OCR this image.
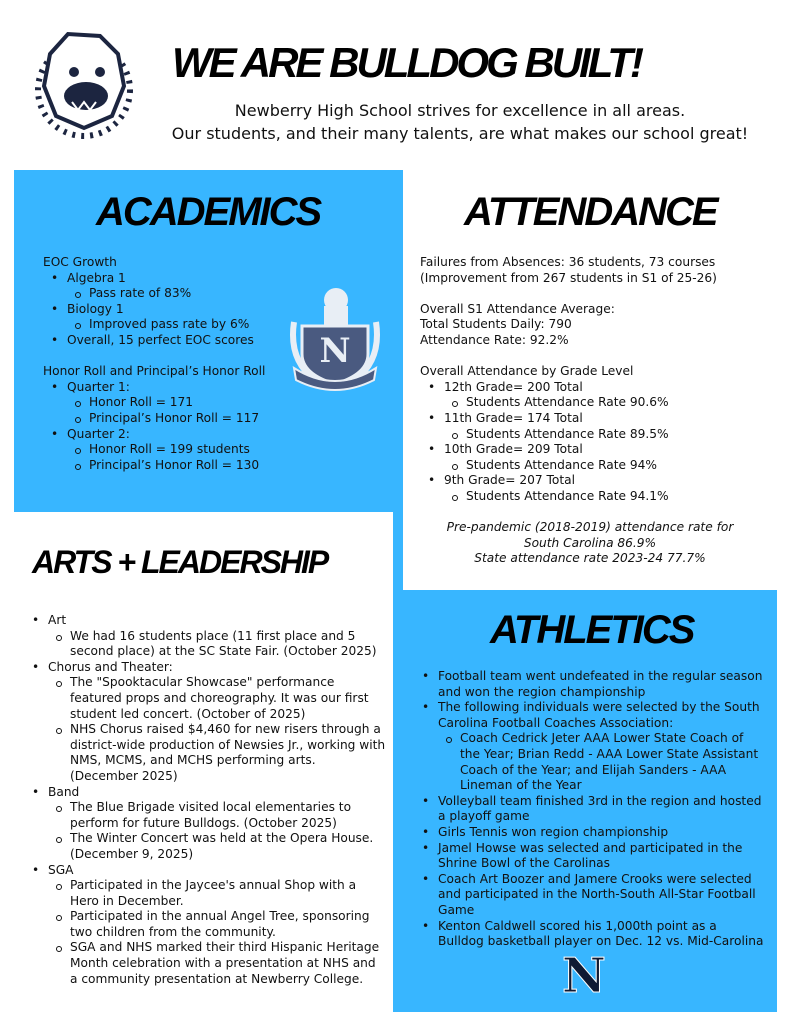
WE ARE BULLDOG BUILT!
Newberry High School strives for excellence in all areas.
Our students, and their many talents, are what makes our school great!
ACADEMICS
EOC Growth
• Algebra 1
Pass rate of 83%
• Biology 1
Improved pass rate by 6%
• Overall, 15 perfect EOC scores
Honor Roll and Principal’s Honor Roll
• Quarter 1:
Honor Roll = 171
Principal’s Honor Roll = 117
• Quarter 2:
Honor Roll = 199 students
Principal’s Honor Roll = 130
N
ATTENDANCE
Failures from Absences: 36 students, 73 courses
(Improvement from 267 students in S1 of 25-26)
Overall S1 Attendance Average:
Total Students Daily: 790
Attendance Rate: 92.2%
Overall Attendance by Grade Level
• 12th Grade= 200 Total
Students Attendance Rate 90.6%
• 11th Grade= 174 Total
Students Attendance Rate 89.5%
• 10th Grade= 209 Total
Students Attendance Rate 94%
• 9th Grade= 207 Total
Students Attendance Rate 94.1%
Pre-pandemic (2018-2019) attendance rate for
South Carolina 86.9%
State attendance rate 2023-24 77.7%
ARTS + LEADERSHIP
• Art
We had 16 students place (11 first place and 5 second place) at the SC State Fair. (October 2025)
• Chorus and Theater:
The "Spooktacular Showcase" performance featured props and choreography. It was our first student led concert. (October of 2025)
NHS Chorus raised $4,460 for new risers through a district-wide production of Newsies Jr., working with NMS, MCMS, and MCHS performing arts. (December 2025)
• Band
The Blue Brigade visited local elementaries to perform for future Bulldogs. (October 2025)
The Winter Concert was held at the Opera House. (December 9, 2025)
• SGA
Participated in the Jaycee's annual Shop with a Hero in December.
Participated in the annual Angel Tree, sponsoring two children from the community.
SGA and NHS marked their third Hispanic Heritage Month celebration with a presentation at NHS and a community presentation at Newberry College.
ATHLETICS
• Football team went undefeated in the regular season and won the region championship
• The following individuals were selected by the South Carolina Football Coaches Association:
Coach Cedrick Jeter AAA Lower State Coach of the Year; Brian Redd - AAA Lower State Assistant Coach of the Year; and Elijah Sanders - AAA Lineman of the Year
• Volleyball team finished 3rd in the region and hosted a playoff game
• Girls Tennis won region championship
• Jamel Howse was selected and participated in the Shrine Bowl of the Carolinas
• Coach Art Boozer and Jamere Crooks were selected and participated in the North-South All-Star Football Game
• Kenton Caldwell scored his 1,000th point as a Bulldog basketball player on Dec. 12 vs. Mid-Carolina
N
